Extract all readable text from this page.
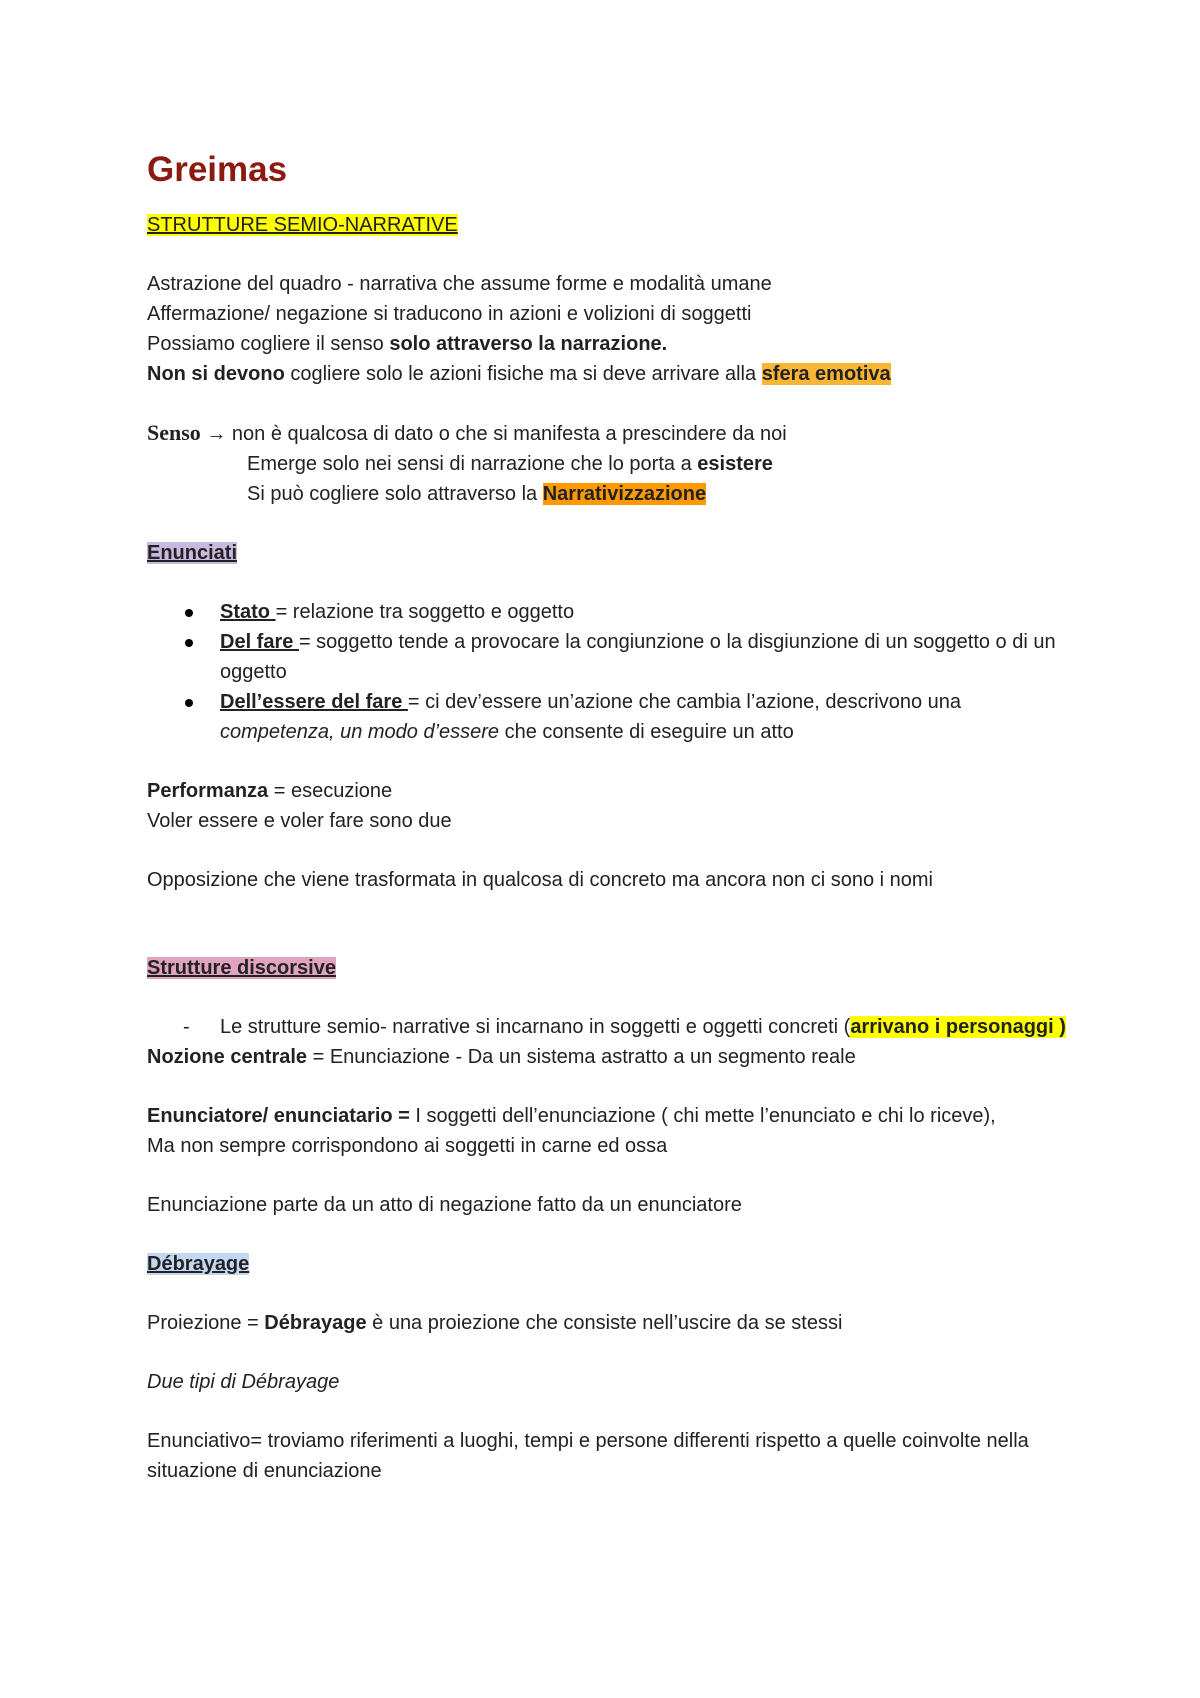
Greimas

STRUTTURE SEMIO-NARRATIVE

Astrazione del quadro - narrativa che assume forme e modalità umane

Affermazione/ negazione si traducono in azioni e volizioni di soggetti

Possiamo cogliere il senso solo attraverso la narrazione.

Non si devono cogliere solo le azioni fisiche ma si deve arrivare alla sfera emotiva

Senso → non è qualcosa di dato o che si manifesta a prescindere da noi

Emerge solo nei sensi di narrazione che lo porta a esistere

Si può cogliere solo attraverso la Narrativizzazione

Enunciati

Stato = relazione tra soggetto e oggetto
Del fare = soggetto tende a provocare la congiunzione o la disgiunzione di un soggetto o di un oggetto
Dell’essere del fare = ci dev’essere un’azione che cambia l’azione, descrivono una competenza, un modo d’essere che consente di eseguire un atto

Performanza = esecuzione

Voler essere e voler fare sono due

Opposizione che viene trasformata in qualcosa di concreto ma ancora non ci sono i nomi

Strutture discorsive

- Le strutture semio- narrative si incarnano in soggetti e oggetti concreti (arrivano i personaggi )

Nozione centrale = Enunciazione - Da un sistema astratto a un segmento reale

Enunciatore/ enunciatario = I soggetti dell’enunciazione ( chi mette l’enunciato e chi lo riceve),

Ma non sempre corrispondono ai soggetti in carne ed ossa

Enunciazione parte da un atto di negazione fatto da un enunciatore

Débrayage

Proiezione = Débrayage è una proiezione che consiste nell’uscire da se stessi

Due tipi di Débrayage

Enunciativo= troviamo riferimenti a luoghi, tempi e persone differenti rispetto a quelle coinvolte nella situazione di enunciazione
